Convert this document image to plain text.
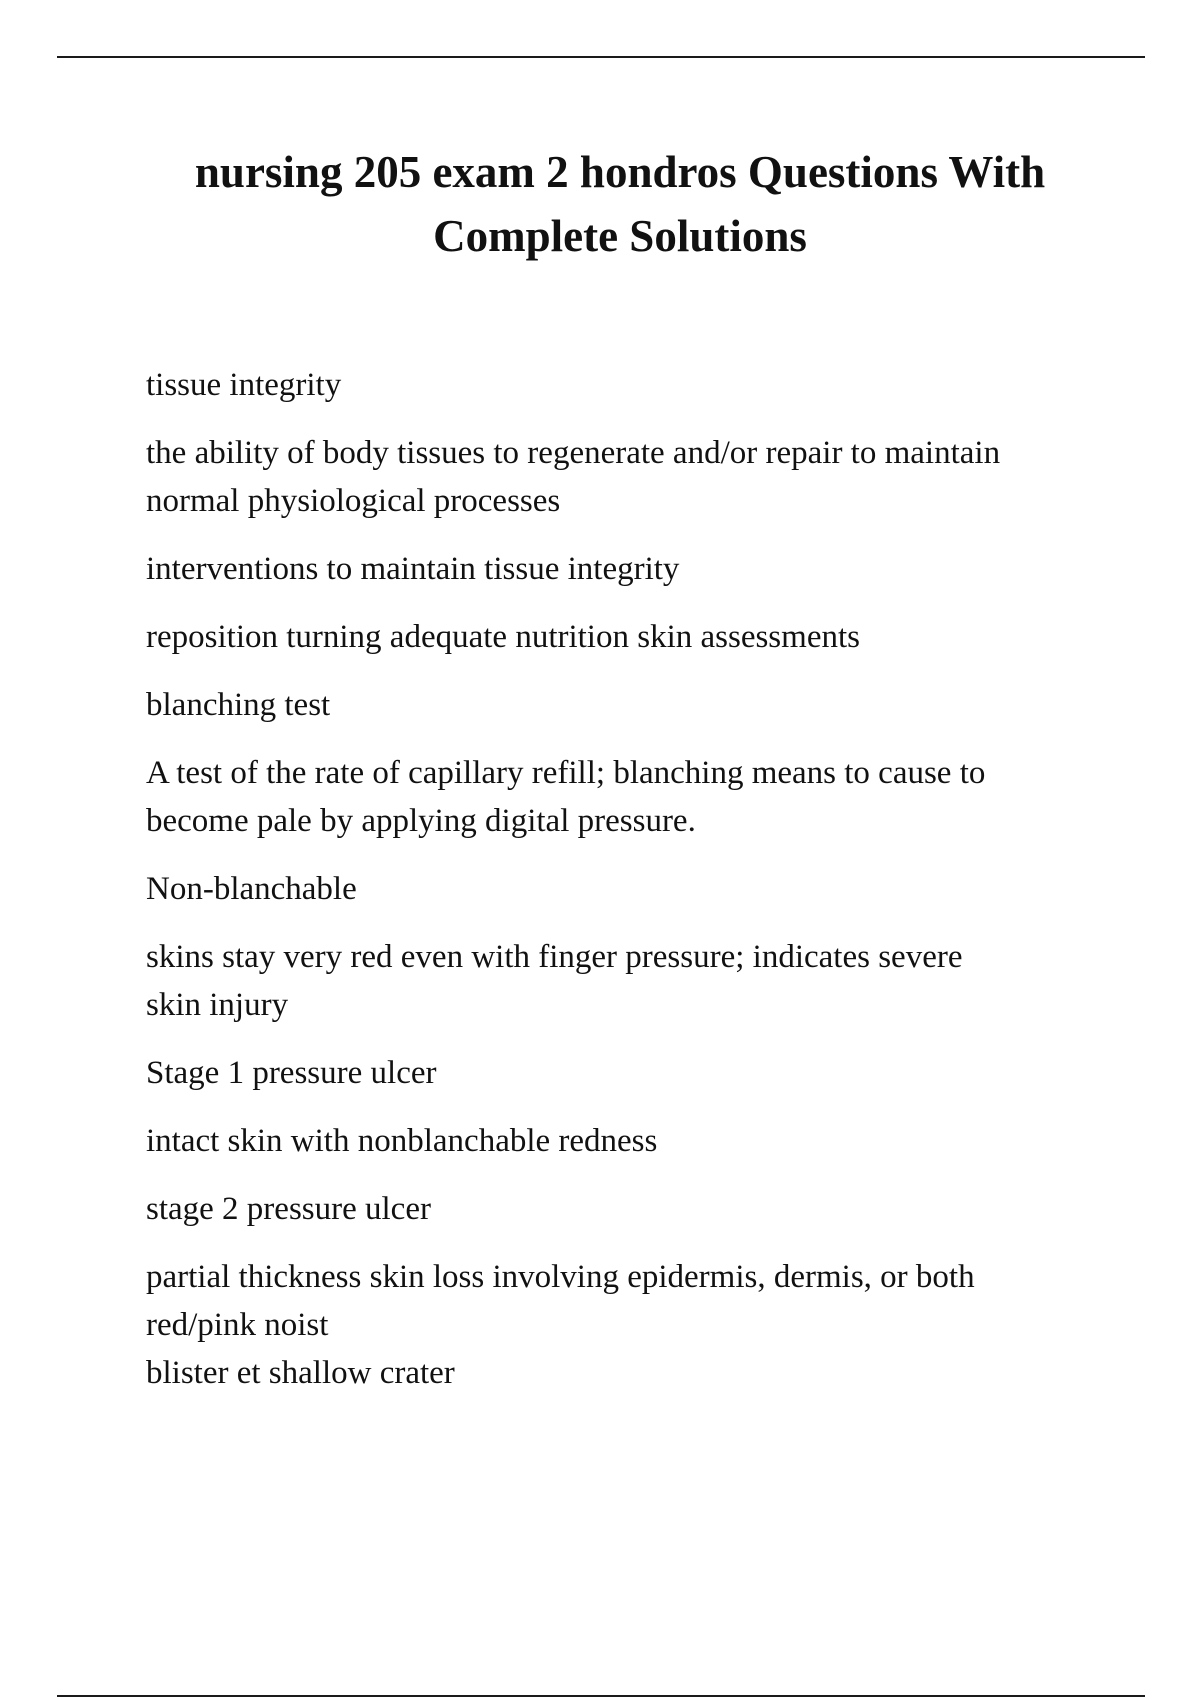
nursing 205 exam 2 hondros Questions With Complete Solutions

tissue integrity

the ability of body tissues to regenerate and/or repair to maintain
normal physiological processes

interventions to maintain tissue integrity

reposition turning adequate nutrition skin assessments

blanching test

A test of the rate of capillary refill; blanching means to cause to
become pale by applying digital pressure.

Non-blanchable

skins stay very red even with finger pressure; indicates severe
skin injury

Stage 1 pressure ulcer

intact skin with nonblanchable redness

stage 2 pressure ulcer

partial thickness skin loss involving epidermis, dermis, or both
red/pink noist
blister et shallow crater
